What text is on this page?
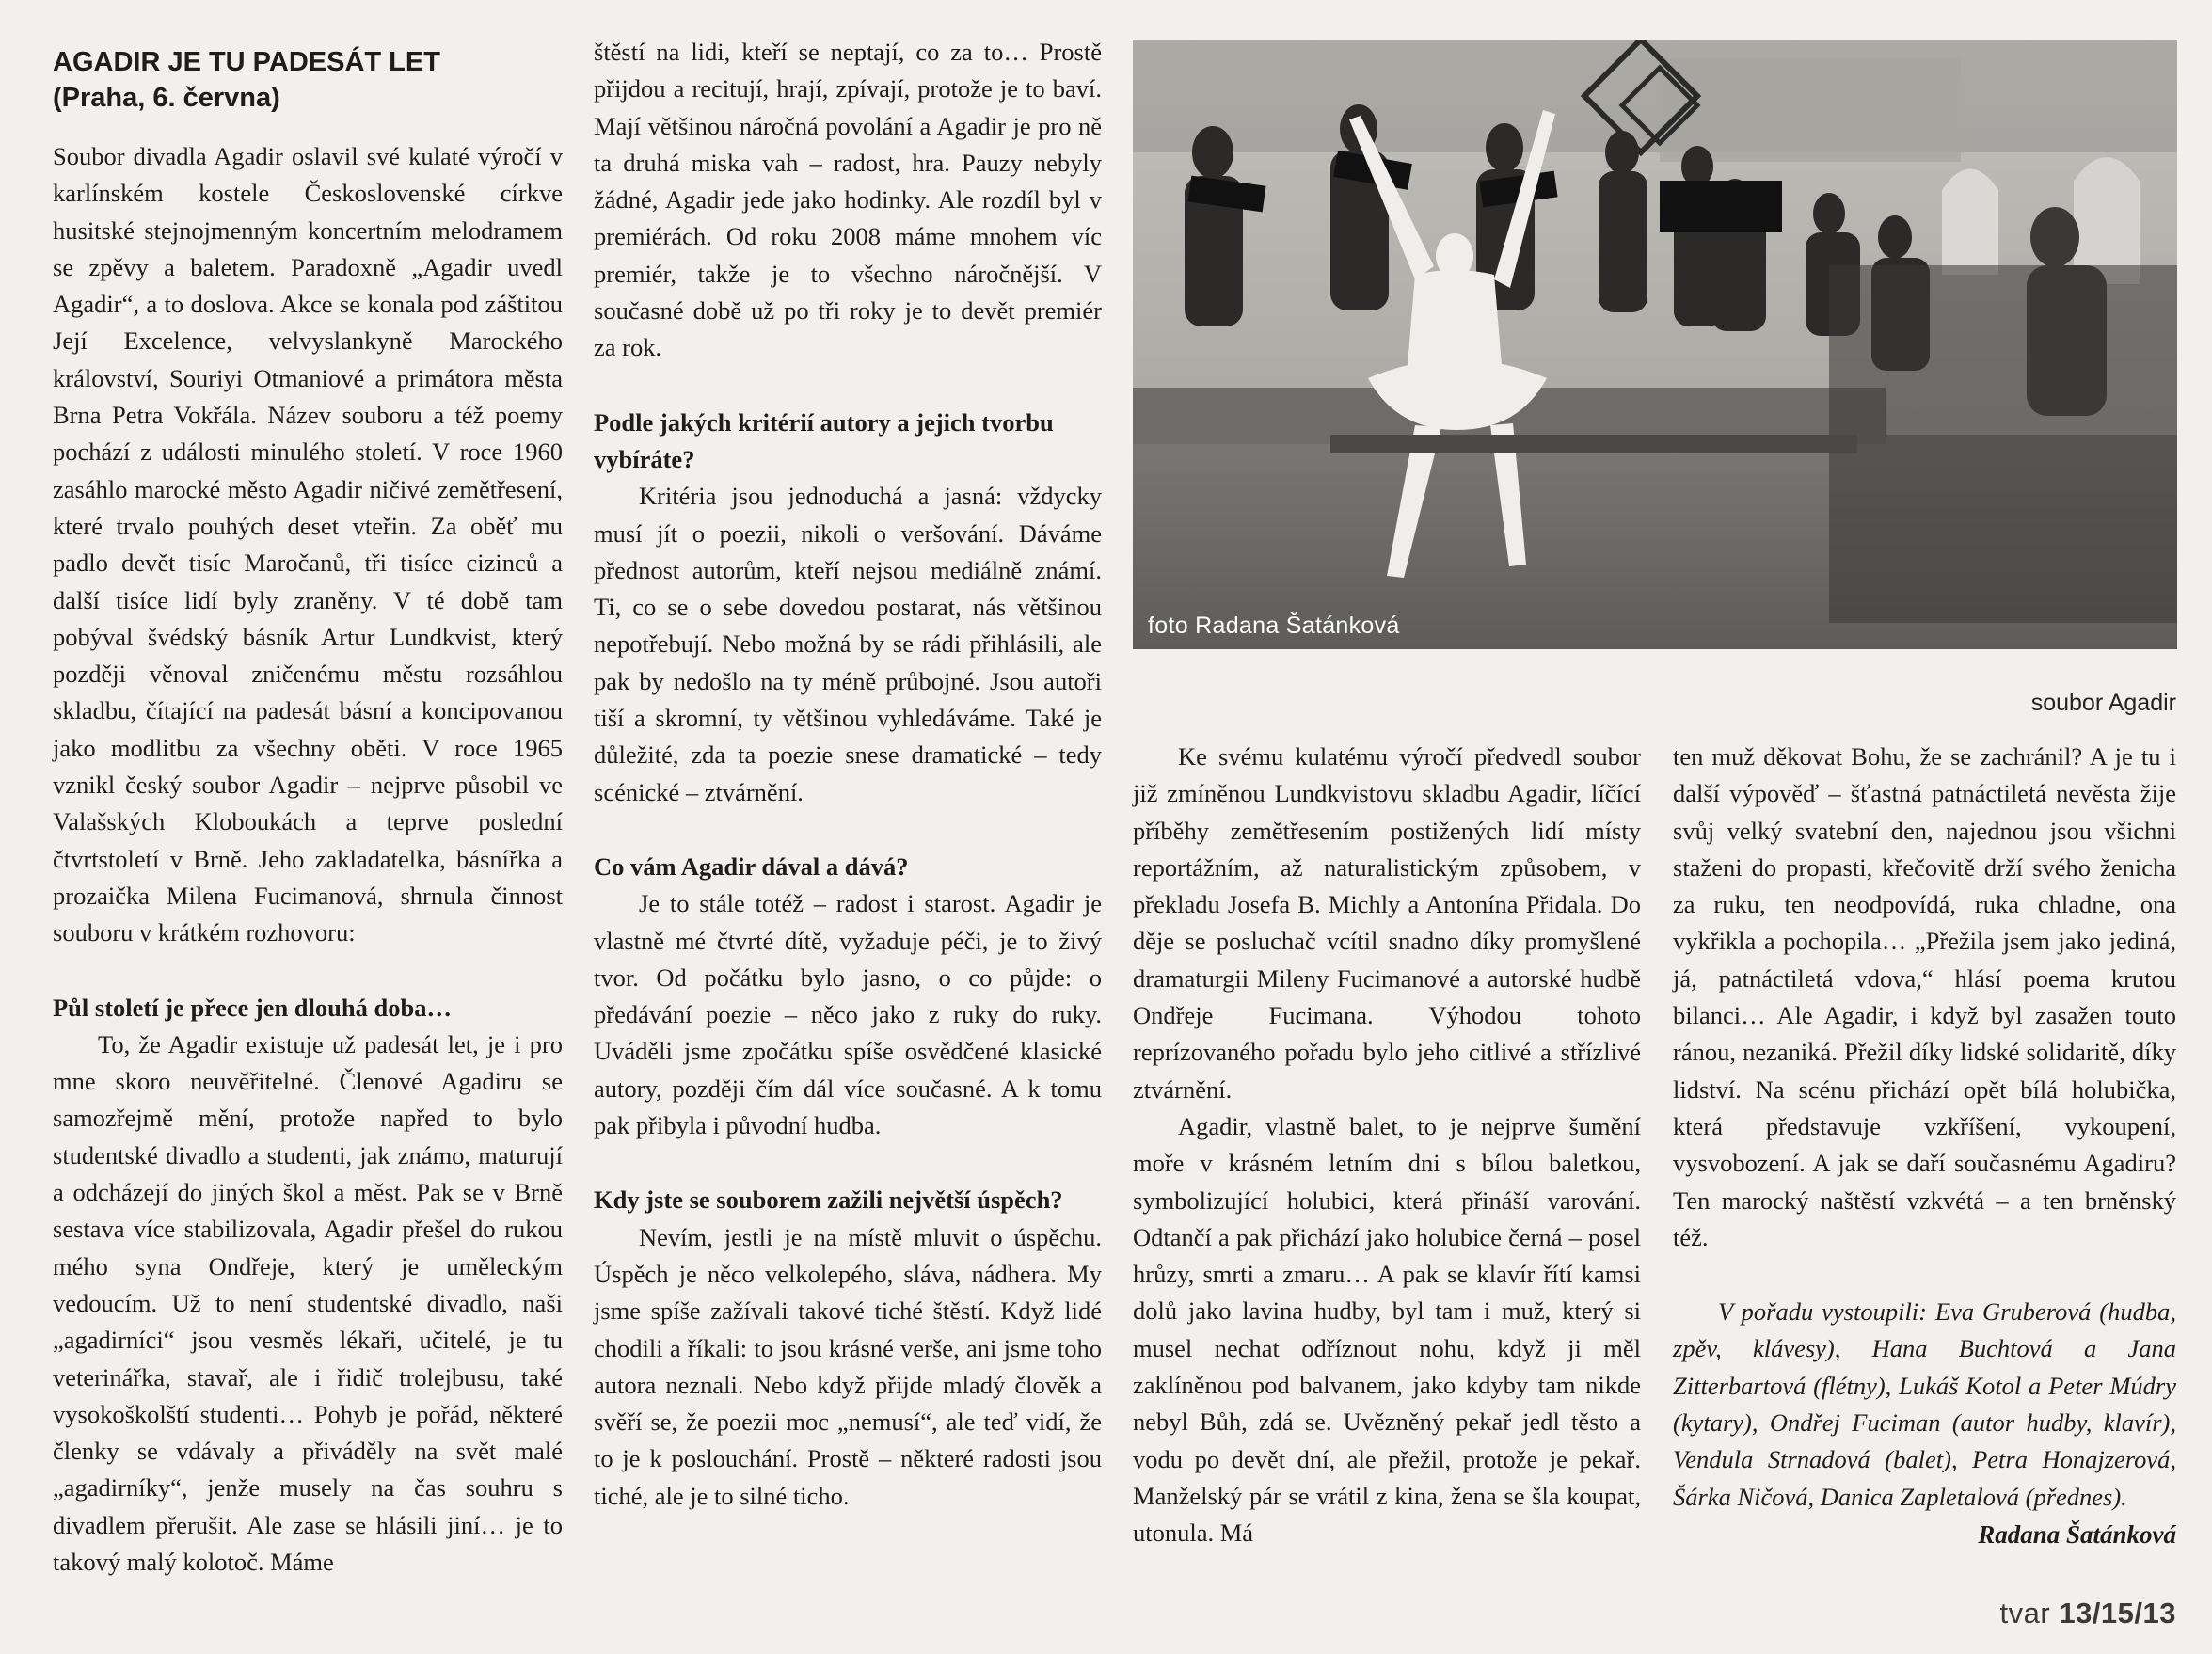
AGADIR JE TU PADESÁT LET

(Praha, 6. června)

Soubor divadla Agadir oslavil své kulaté výročí v karlínském kostele Československé církve husitské stejnojmenným koncertním melodramem se zpěvy a baletem. Paradoxně „Agadir uvedl Agadir“, a to doslova. Akce se konala pod záštitou Její Excelence, velvyslankyně Marockého království, Souriyi Otmaniové a primátora města Brna Petra Vokřála. Název souboru a též poemy pochází z události minulého století. V roce 1960 zasáhlo marocké město Agadir ničivé zemětřesení, které trvalo pouhých deset vteřin. Za oběť mu padlo devět tisíc Maročanů, tři tisíce cizinců a další tisíce lidí byly zraněny. V té době tam pobýval švédský básník Artur Lundkvist, který později věnoval zničenému městu rozsáhlou skladbu, čítající na padesát básní a koncipovanou jako modlitbu za všechny oběti. V roce 1965 vznikl český soubor Agadir – nejprve působil ve Valašských Kloboukách a teprve poslední čtvrtstoletí v Brně. Jeho zakladatelka, básnířka a prozaička Milena Fucimanová, shrnula činnost souboru v krátkém rozhovoru:

Půl století je přece jen dlouhá doba…

To, že Agadir existuje už padesát let, je i pro mne skoro neuvěřitelné. Členové Agadiru se samozřejmě mění, protože napřed to bylo studentské divadlo a studenti, jak známo, maturují a odcházejí do jiných škol a měst. Pak se v Brně sestava více stabilizovala, Agadir přešel do rukou mého syna Ondřeje, který je uměleckým vedoucím. Už to není studentské divadlo, naši „agadirníci“ jsou vesměs lékaři, učitelé, je tu veterinářka, stavař, ale i řidič trolejbusu, také vysokoškolští studenti… Pohyb je pořád, některé členky se vdávaly a přiváděly na svět malé „agadirníky“, jenže musely na čas souhru s divadlem přerušit. Ale zase se hlásili jiní… je to takový malý kolotoč. Máme

štěstí na lidi, kteří se neptají, co za to… Prostě přijdou a recitují, hrají, zpívají, protože je to baví. Mají většinou náročná povolání a Agadir je pro ně ta druhá miska vah – radost, hra. Pauzy nebyly žádné, Agadir jede jako hodinky. Ale rozdíl byl v premiérách. Od roku 2008 máme mnohem víc premiér, takže je to všechno náročnější. V současné době už po tři roky je to devět premiér za rok.

Podle jakých kritérií autory a jejich tvorbu vybíráte?

Kritéria jsou jednoduchá a jasná: vždycky musí jít o poezii, nikoli o veršování. Dáváme přednost autorům, kteří nejsou mediálně známí. Ti, co se o sebe dovedou postarat, nás většinou nepotřebují. Nebo možná by se rádi přihlásili, ale pak by nedošlo na ty méně průbojné. Jsou autoři tiší a skromní, ty většinou vyhledáváme. Také je důležité, zda ta poezie snese dramatické – tedy scénické – ztvárnění.

Co vám Agadir dával a dává?

Je to stále totéž – radost i starost. Agadir je vlastně mé čtvrté dítě, vyžaduje péči, je to živý tvor. Od počátku bylo jasno, o co půjde: o předávání poezie – něco jako z ruky do ruky. Uváděli jsme zpočátku spíše osvědčené klasické autory, později čím dál více současné. A k tomu pak přibyla i původní hudba.

Kdy jste se souborem zažili největší úspěch?

Nevím, jestli je na místě mluvit o úspěchu. Úspěch je něco velkolepého, sláva, nádhera. My jsme spíše zažívali takové tiché štěstí. Když lidé chodili a říkali: to jsou krásné verše, ani jsme toho autora neznali. Nebo když přijde mladý člověk a svěří se, že poezii moc „nemusí“, ale teď vidí, že to je k poslouchání. Prostě – některé radosti jsou tiché, ale je to silné ticho.

foto Radana Šatánková
soubor Agadir

Ke svému kulatému výročí předvedl soubor již zmíněnou Lundkvistovu skladbu Agadir, líčící příběhy zemětřesením postižených lidí místy reportážním, až naturalistickým způsobem, v překladu Josefa B. Michly a Antonína Přidala. Do děje se posluchač vcítil snadno díky promyšlené dramaturgii Mileny Fucimanové a autorské hudbě Ondřeje Fucimana. Výhodou tohoto reprízovaného pořadu bylo jeho citlivé a střízlivé ztvárnění.

Agadir, vlastně balet, to je nejprve šumění moře v krásném letním dni s bílou baletkou, symbolizující holubici, která přináší varování. Odtančí a pak přichází jako holubice černá – posel hrůzy, smrti a zmaru… A pak se klavír řítí kamsi dolů jako lavina hudby, byl tam i muž, který si musel nechat odříznout nohu, když ji měl zaklíněnou pod balvanem, jako kdyby tam nikde nebyl Bůh, zdá se. Uvězněný pekař jedl těsto a vodu po devět dní, ale přežil, protože je pekař. Manželský pár se vrátil z kina, žena se šla koupat, utonula. Má

ten muž děkovat Bohu, že se zachránil? A je tu i další výpověď – šťastná patnáctiletá nevěsta žije svůj velký svatební den, najednou jsou všichni staženi do propasti, křečovitě drží svého ženicha za ruku, ten neodpovídá, ruka chladne, ona vykřikla a pochopila… „Přežila jsem jako jediná, já, patnáctiletá vdova,“ hlásí poema krutou bilanci… Ale Agadir, i když byl zasažen touto ránou, nezaniká. Přežil díky lidské solidaritě, díky lidství. Na scénu přichází opět bílá holubička, která představuje vzkříšení, vykoupení, vysvobození. A jak se daří současnému Agadiru? Ten marocký naštěstí vzkvétá – a ten brněnský též.

V pořadu vystoupili: Eva Gruberová (hudba, zpěv, klávesy), Hana Buchtová a Jana Zitterbartová (flétny), Lukáš Kotol a Peter Múdry (kytary), Ondřej Fuciman (autor hudby, klavír), Vendula Strnadová (balet), Petra Honajzerová, Šárka Ničová, Danica Zapletalová (přednes).

Radana Šatánková
tvar 13/15/13
